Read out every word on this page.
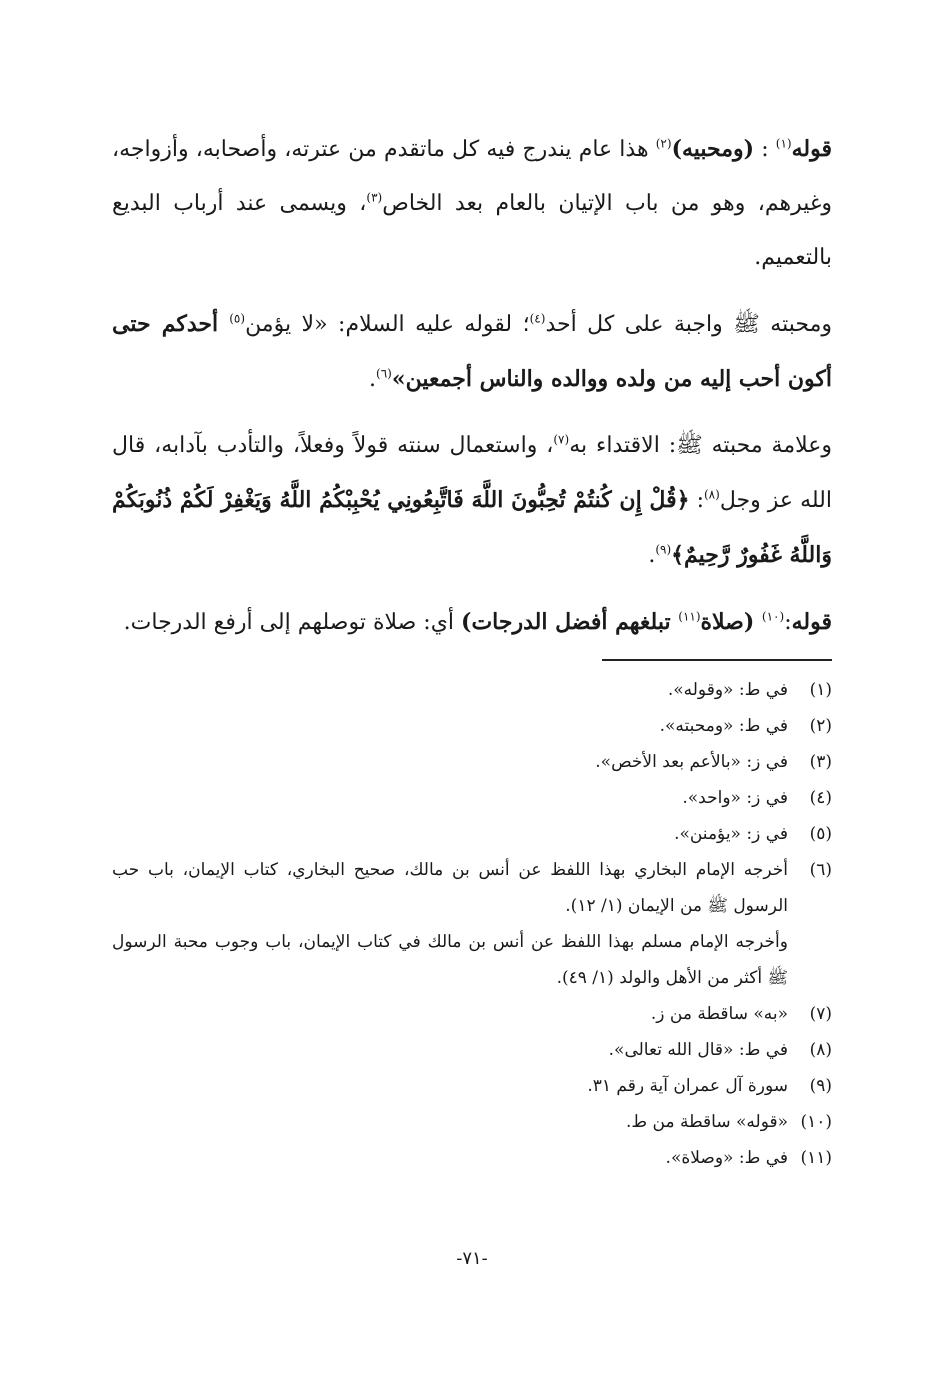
قوله$^{(١)}$ : (ومحبيه)$^{(٢)}$ هذا عام يندرج فيه كل ماتقدم من عترته، وأصحابه، وأزواجه، وغيرهم، وهو من باب الإتيان بالعام بعد الخاص$^{(٣)}$، ويسمى عند أرباب البديع بالتعميم.

ومحبته ﷺ واجبة على كل أحد$^{(٤)}$؛ لقوله عليه السلام: «لا يؤمن$^{(٥)}$ أحدكم حتى أكون أحب إليه من ولده ووالده والناس أجمعين»$^{(٦)}$.

وعلامة محبته ﷺ: الاقتداء به$^{(٧)}$، واستعمال سنته قولاً وفعلاً، والتأدب بآدابه، قال الله عز وجل$^{(٨)}$: ﴿قُلْ إِن كُنتُمْ تُحِبُّونَ اللَّهَ فَاتَّبِعُونِي يُحْبِبْكُمُ اللَّهُ وَيَغْفِرْ لَكُمْ ذُنُوبَكُمْ وَاللَّهُ غَفُورٌ رَّحِيمٌ﴾$^{(٩)}$.

قوله:$^{(١٠)}$ (صلاة$^{(١١)}$ تبلغهم أفضل الدرجات) أي: صلاة توصلهم إلى أرفع الدرجات.

(١)
في ط: «وقوله».
(٢)
في ط: «ومحبته».
(٣)
في ز: «بالأعم بعد الأخص».
(٤)
في ز: «واحد».
(٥)
في ز: «يؤمنن».
(٦)
أخرجه الإمام البخاري بهذا اللفظ عن أنس بن مالك، صحيح البخاري، كتاب الإيمان، باب حب الرسول ﷺ من الإيمان (١/ ١٢).
وأخرجه الإمام مسلم بهذا اللفظ عن أنس بن مالك في كتاب الإيمان، باب وجوب محبة الرسول ﷺ أكثر من الأهل والولد (١/ ٤٩).
(٧)
«به» ساقطة من ز.
(٨)
في ط: «قال الله تعالى».
(٩)
سورة آل عمران آية رقم ٣١.
(١٠)
«قوله» ساقطة من ط.
(١١)
في ط: «وصلاة».
-٧١-
